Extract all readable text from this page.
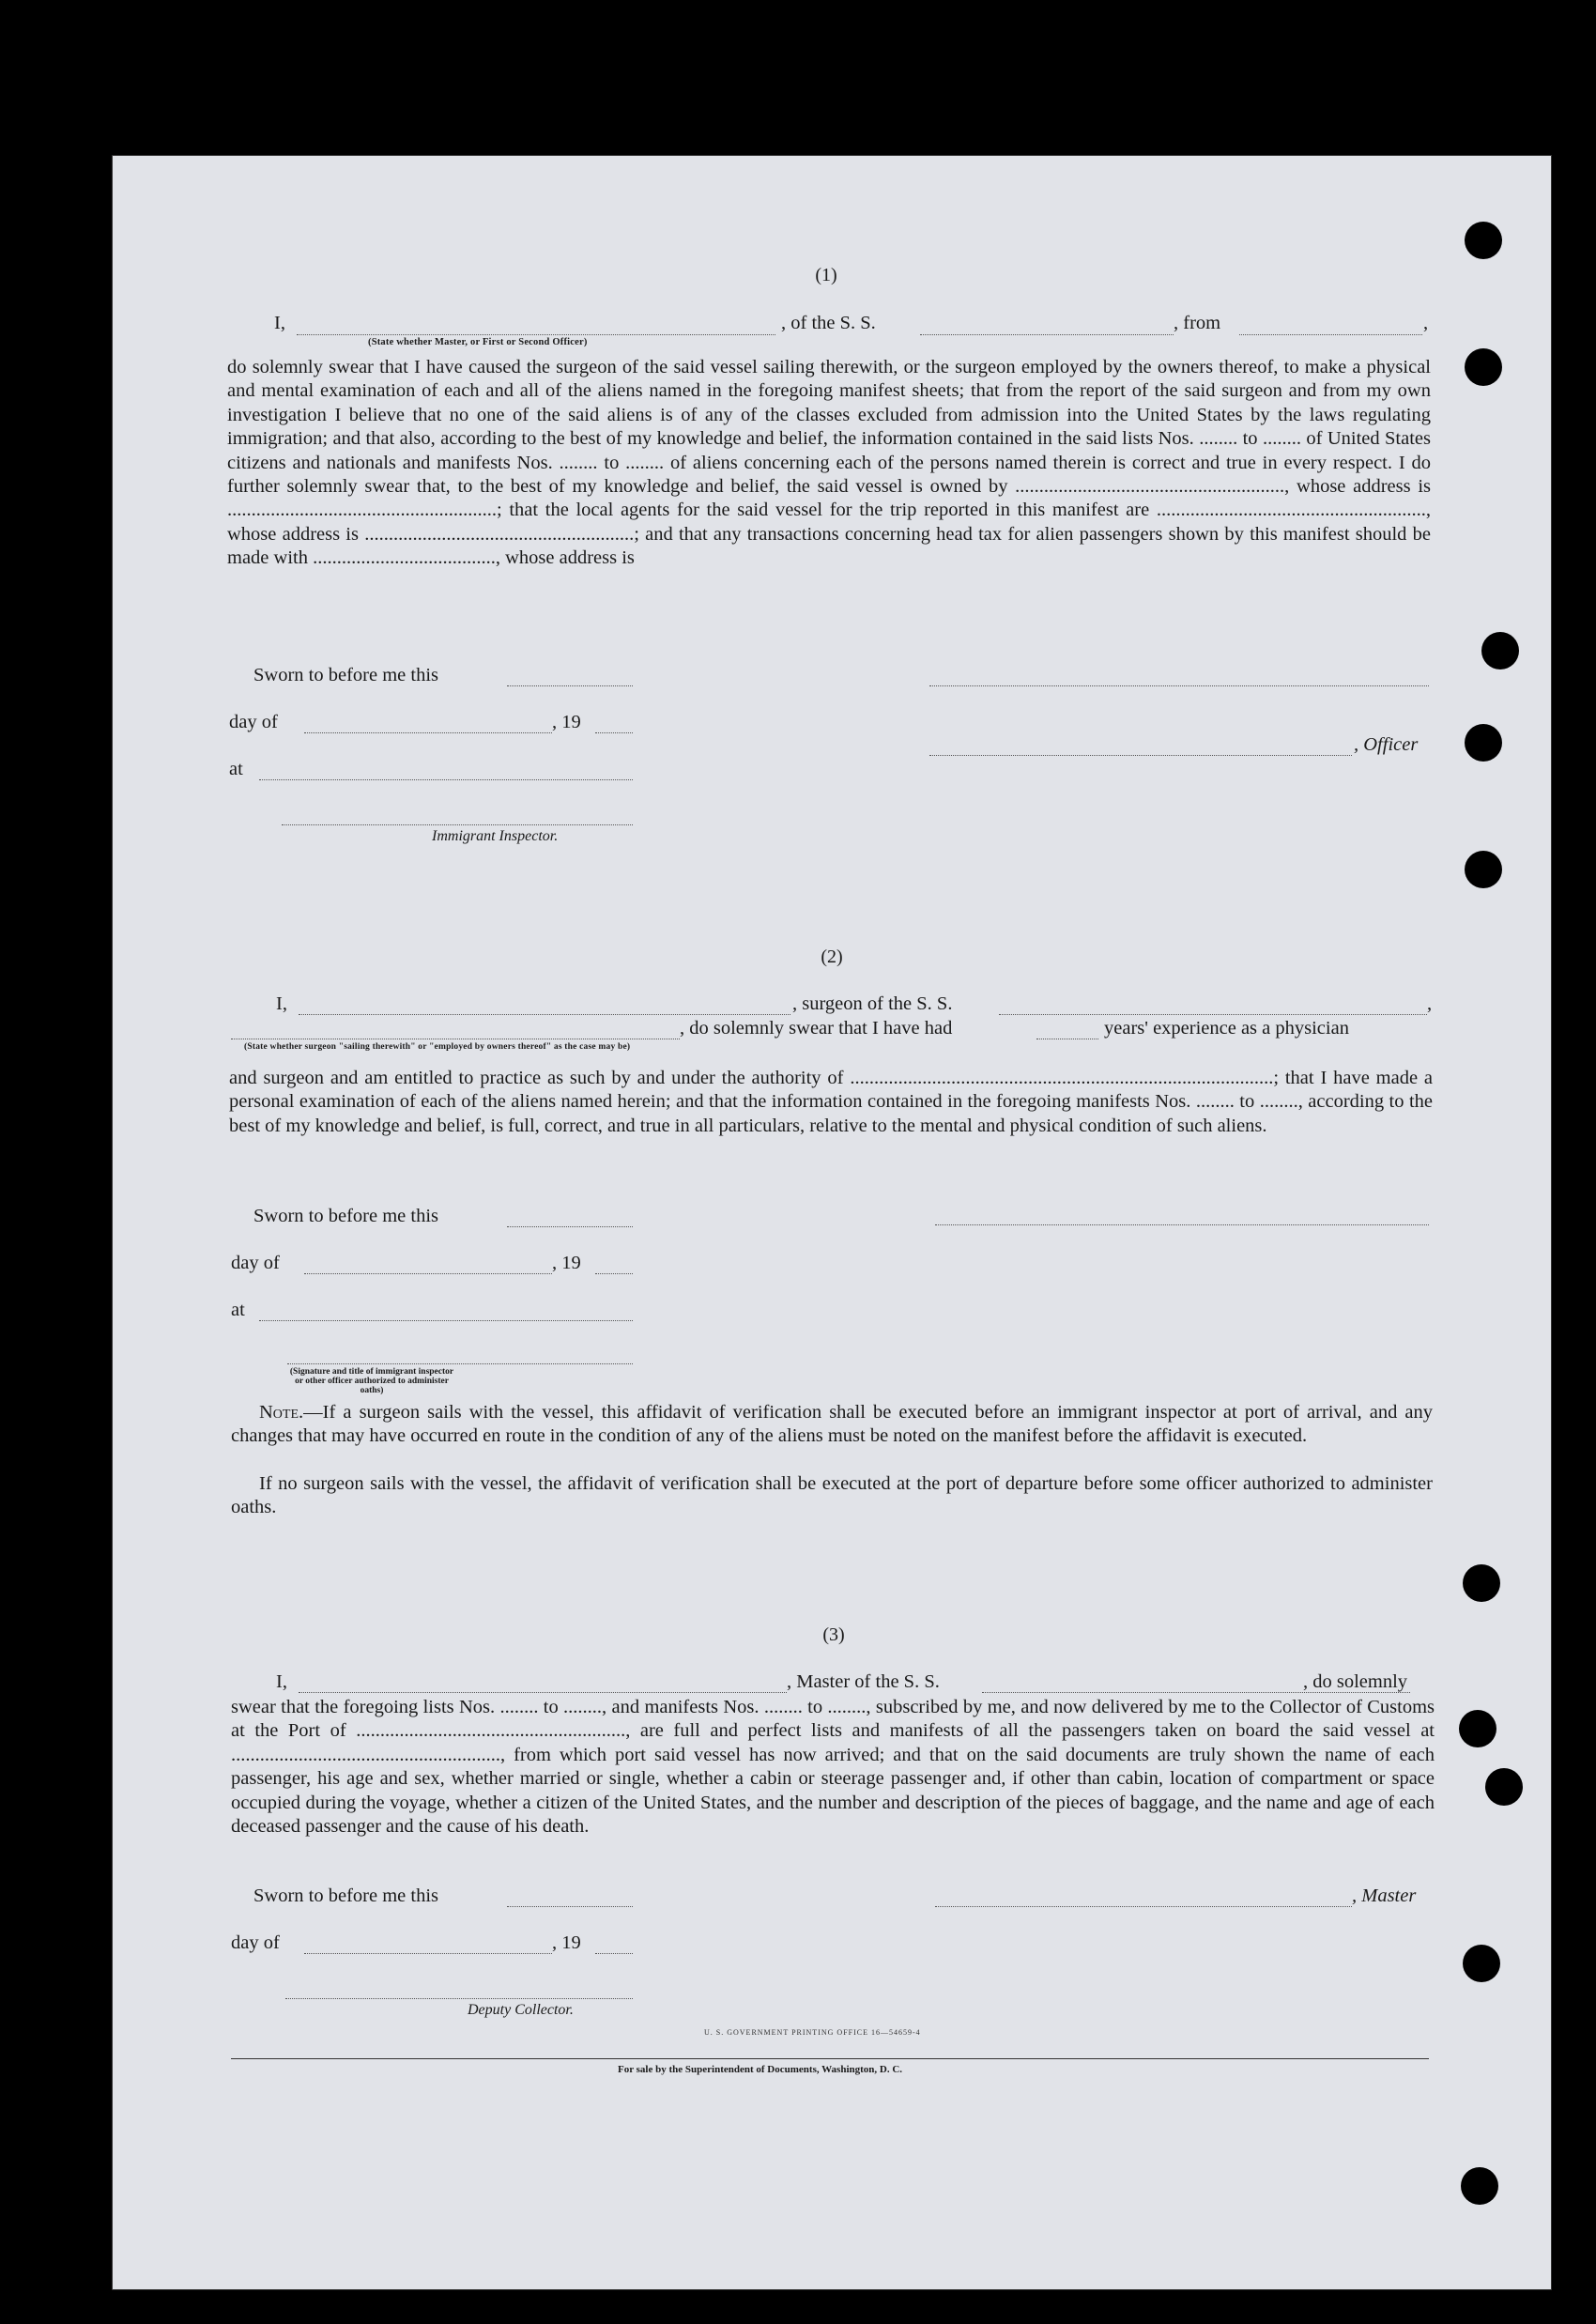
(1)
I,
(State whether Master, or First or Second Officer)
, of the S. S.	, from	,
do solemnly swear that I have caused the surgeon of the said vessel sailing therewith, or the surgeon employed by the owners thereof, to make a physical and mental examination of each and all of the aliens named in the foregoing manifest sheets; that from the report of the said surgeon and from my own investigation I believe that no one of the said aliens is of any of the classes excluded from admission into the United States by the laws regulating immigration; and that also, according to the best of my knowledge and belief, the information contained in the said lists Nos. ........ to ........ of United States citizens and nationals and manifests Nos. ........ to ........ of aliens concerning each of the persons named therein is correct and true in every respect. I do further solemnly swear that, to the best of my knowledge and belief, the said vessel is owned by ........................................................, whose address is ........................................................; that the local agents for the said vessel for the trip reported in this manifest are ........................................................, whose address is ........................................................; and that any transactions concerning head tax for alien passengers shown by this manifest should be made with ......................................, whose address is
Sworn to before me this
day of	, 19
, Officer
at
Immigrant Inspector.
(2)
I,	, surgeon of the S. S.	,
, do solemnly swear that I have had	years' experience as a physician
(State whether surgeon "sailing therewith" or "employed by owners thereof" as the case may be)
and surgeon and am entitled to practice as such by and under the authority of ........................................................................................; that I have made a personal examination of each of the aliens named herein; and that the information contained in the foregoing manifests Nos. ........ to ........, according to the best of my knowledge and belief, is full, correct, and true in all particulars, relative to the mental and physical condition of such aliens.
Sworn to before me this
day of	, 19
at
(Signature and title of immigrant inspector or other officer authorized to administer oaths)
Note.—If a surgeon sails with the vessel, this affidavit of verification shall be executed before an immigrant inspector at port of arrival, and any changes that may have occurred en route in the condition of any of the aliens must be noted on the manifest before the affidavit is executed.
If no surgeon sails with the vessel, the affidavit of verification shall be executed at the port of departure before some officer authorized to administer oaths.
(3)
I,	, Master of the S. S.	, do solemnly
swear that the foregoing lists Nos. ........ to ........, and manifests Nos. ........ to ........, subscribed by me, and now delivered by me to the Collector of Customs at the Port of ........................................................, are full and perfect lists and manifests of all the passengers taken on board the said vessel at ........................................................, from which port said vessel has now arrived; and that on the said documents are truly shown the name of each passenger, his age and sex, whether married or single, whether a cabin or steerage passenger and, if other than cabin, location of compartment or space occupied during the voyage, whether a citizen of the United States, and the number and description of the pieces of baggage, and the name and age of each deceased passenger and the cause of his death.
Sworn to before me this	, Master
day of	, 19
Deputy Collector.
U. S. GOVERNMENT PRINTING OFFICE 16—54659-4
For sale by the Superintendent of Documents, Washington, D. C.
